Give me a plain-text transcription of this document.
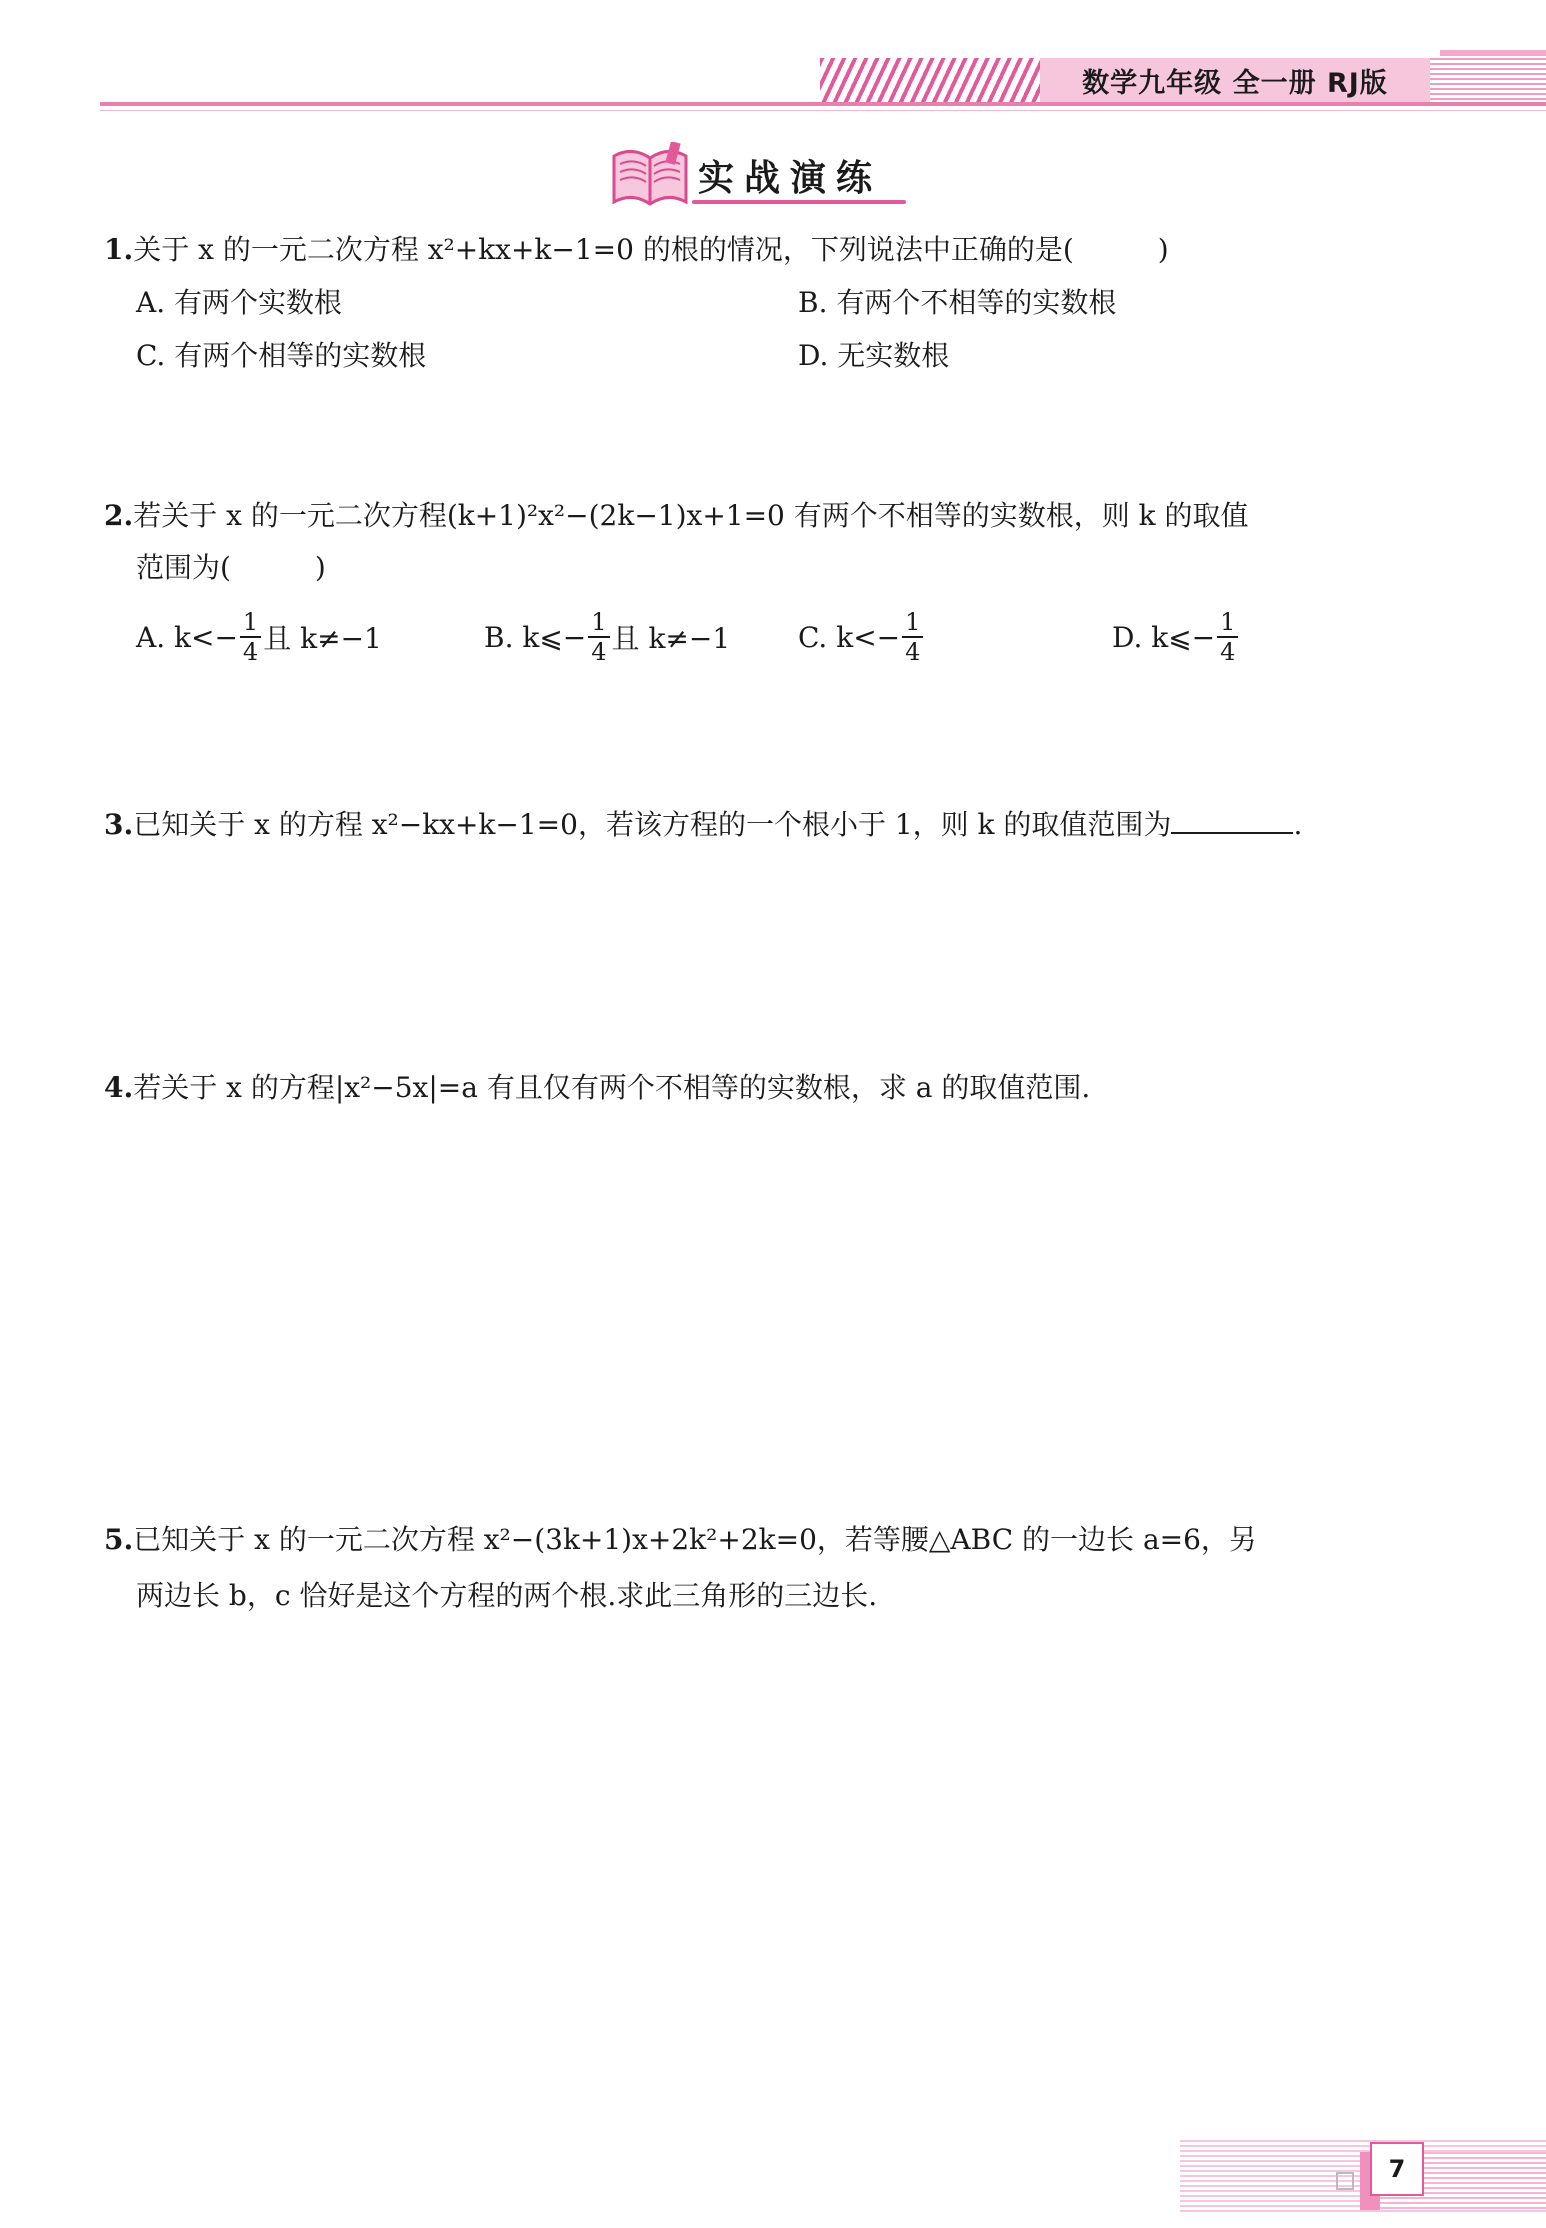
数学九年级 全一册 RJ版
实战演练
1.关于 x 的一元二次方程 x²+kx+k−1=0 的根的情况，下列说法中正确的是(　　　)
A. 有两个实数根	B. 有两个不相等的实数根
C. 有两个相等的实数根	D. 无实数根
2.若关于 x 的一元二次方程(k+1)²x²−(2k−1)x+1=0 有两个不相等的实数根，则 k 的取值
范围为(　　　)
A. $k<- \frac{1}{4}$ 且 k≠−1	B. k⩽− $\frac{1}{4}$ 且 k≠−1 C. $k<- \frac{1}{4}$	D. k⩽− $\frac{1}{4}$
3.已知关于 x 的方程 x²−kx+k−1=0，若该方程的一个根小于 1，则 k 的取值范围为	.
4.若关于 x 的方程|x²−5x|=a 有且仅有两个不相等的实数根，求 a 的取值范围.
5.已知关于 x 的一元二次方程 x²−(3k+1)x+2k²+2k=0，若等腰△ABC 的一边长 a=6，另
两边长 b，c 恰好是这个方程的两个根.求此三角形的三边长.
7
